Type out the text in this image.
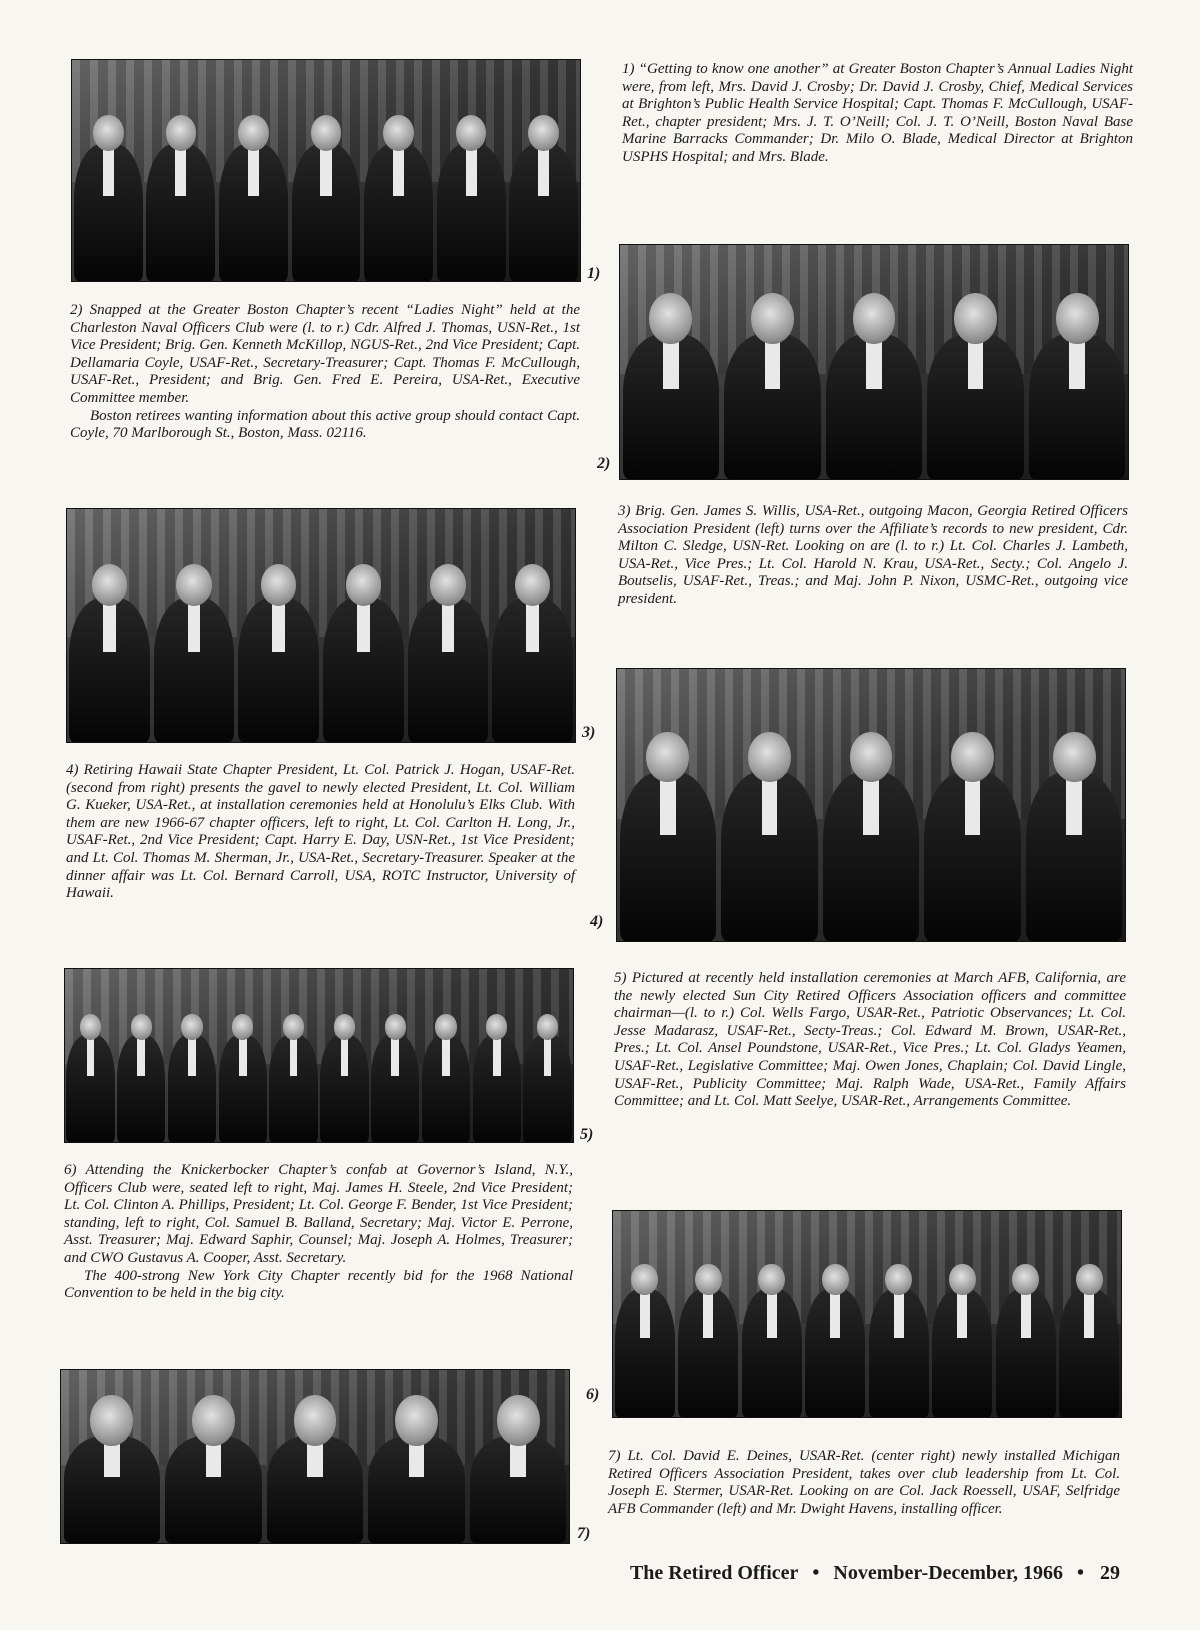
1)
2)
3)
4)
5)
6)
7)

1) “Getting to know one another” at Greater Boston Chapter’s Annual Ladies Night were, from left, Mrs. David J. Crosby; Dr. David J. Crosby, Chief, Medical Services at Brighton’s Public Health Service Hospital; Capt. Thomas F. McCullough, USAF-Ret., chapter president; Mrs. J. T. O’Neill; Col. J. T. O’Neill, Boston Naval Base Marine Barracks Commander; Dr. Milo O. Blade, Medical Director at Brighton USPHS Hospital; and Mrs. Blade.

2) Snapped at the Greater Boston Chapter’s recent “Ladies Night” held at the Charleston Naval Officers Club were (l. to r.) Cdr. Alfred J. Thomas, USN-Ret., 1st Vice President; Brig. Gen. Kenneth McKillop, NGUS-Ret., 2nd Vice President; Capt. Dellamaria Coyle, USAF-Ret., Secretary-Treasurer; Capt. Thomas F. McCullough, USAF-Ret., President; and Brig. Gen. Fred E. Pereira, USA-Ret., Executive Committee member.

Boston retirees wanting information about this active group should contact Capt. Coyle, 70 Marlborough St., Boston, Mass. 02116.

3) Brig. Gen. James S. Willis, USA-Ret., outgoing Macon, Georgia Retired Officers Association President (left) turns over the Affiliate’s records to new president, Cdr. Milton C. Sledge, USN-Ret. Looking on are (l. to r.) Lt. Col. Charles J. Lambeth, USA-Ret., Vice Pres.; Lt. Col. Harold N. Krau, USA-Ret., Secty.; Col. Angelo J. Boutselis, USAF-Ret., Treas.; and Maj. John P. Nixon, USMC-Ret., outgoing vice president.

4) Retiring Hawaii State Chapter President, Lt. Col. Patrick J. Hogan, USAF-Ret. (second from right) presents the gavel to newly elected President, Lt. Col. William G. Kueker, USA-Ret., at installation ceremonies held at Honolulu’s Elks Club. With them are new 1966-67 chapter officers, left to right, Lt. Col. Carlton H. Long, Jr., USAF-Ret., 2nd Vice President; Capt. Harry E. Day, USN-Ret., 1st Vice President; and Lt. Col. Thomas M. Sherman, Jr., USA-Ret., Secretary-Treasurer. Speaker at the dinner affair was Lt. Col. Bernard Carroll, USA, ROTC Instructor, University of Hawaii.

5) Pictured at recently held installation ceremonies at March AFB, California, are the newly elected Sun City Retired Officers Association officers and committee chairman—(l. to r.) Col. Wells Fargo, USAR-Ret., Patriotic Observances; Lt. Col. Jesse Madarasz, USAF-Ret., Secty-Treas.; Col. Edward M. Brown, USAR-Ret., Pres.; Lt. Col. Ansel Poundstone, USAR-Ret., Vice Pres.; Lt. Col. Gladys Yeamen, USAF-Ret., Legislative Committee; Maj. Owen Jones, Chaplain; Col. David Lingle, USAF-Ret., Publicity Committee; Maj. Ralph Wade, USA-Ret., Family Affairs Committee; and Lt. Col. Matt Seelye, USAR-Ret., Arrangements Committee.

6) Attending the Knickerbocker Chapter’s confab at Governor’s Island, N.Y., Officers Club were, seated left to right, Maj. James H. Steele, 2nd Vice President; Lt. Col. Clinton A. Phillips, President; Lt. Col. George F. Bender, 1st Vice President; standing, left to right, Col. Samuel B. Balland, Secretary; Maj. Victor E. Perrone, Asst. Treasurer; Maj. Edward Saphir, Counsel; Maj. Joseph A. Holmes, Treasurer; and CWO Gustavus A. Cooper, Asst. Secretary.

The 400-strong New York City Chapter recently bid for the 1968 National Convention to be held in the big city.

7) Lt. Col. David E. Deines, USAR-Ret. (center right) newly installed Michigan Retired Officers Association President, takes over club leadership from Lt. Col. Joseph E. Stermer, USAR-Ret. Looking on are Col. Jack Roessell, USAF, Selfridge AFB Commander (left) and Mr. Dwight Havens, installing officer.

The Retired Officer • November-December, 1966 • 29
